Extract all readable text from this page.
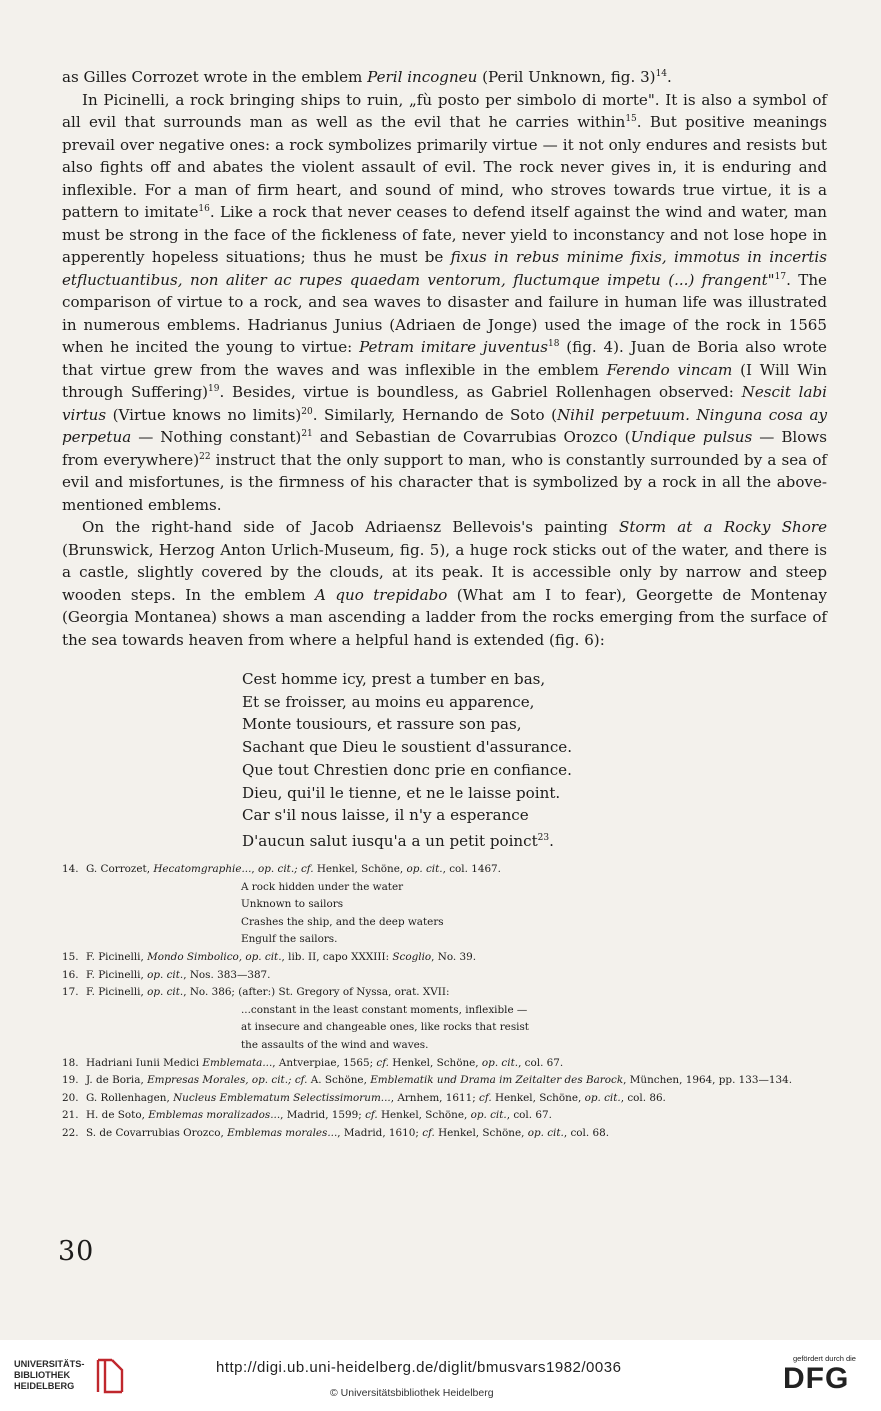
as Gilles Corrozet wrote in the emblem Peril incogneu (Peril Unknown, fig. 3)$^{14}$.

In Picinelli, a rock bringing ships to ruin, „fù posto per simbolo di morte". It is also a symbol of all evil that surrounds man as well as the evil that he carries within$^{15}$. But positive meanings prevail over negative ones: a rock symbolizes primarily virtue — it not only endures and resists but also fights off and abates the violent assault of evil. The rock never gives in, it is enduring and inflexible. For a man of firm heart, and sound of mind, who stroves towards true virtue, it is a pattern to imitate$^{16}$. Like a rock that never ceases to defend itself against the wind and water, man must be strong in the face of the fickleness of fate, never yield to inconstancy and not lose hope in apperently hopeless situations; thus he must be fixus in rebus minime fixis, immotus in incertis etfluctuantibus, non aliter ac rupes quaedam ventorum, fluctumque impetu (...) frangent"$^{17}$. The comparison of virtue to a rock, and sea waves to disaster and failure in human life was illustrated in numerous emblems. Hadrianus Junius (Adriaen de Jonge) used the image of the rock in 1565 when he incited the young to virtue: Petram imitare juventus$^{18}$ (fig. 4). Juan de Boria also wrote that virtue grew from the waves and was inflexible in the emblem Ferendo vincam (I Will Win through Suffering)$^{19}$. Besides, virtue is boundless, as Gabriel Rollenhagen observed: Nescit labi virtus (Virtue knows no limits)$^{20}$. Similarly, Hernando de Soto (Nihil perpetuum. Ninguna cosa ay perpetua — Nothing constant)$^{21}$ and Sebastian de Covarrubias Orozco (Undique pulsus — Blows from everywhere)$^{22}$ instruct that the only support to man, who is constantly surrounded by a sea of evil and misfortunes, is the firmness of his character that is symbolized by a rock in all the above-mentioned emblems.

On the right-hand side of Jacob Adriaensz Bellevois's painting Storm at a Rocky Shore (Brunswick, Herzog Anton Urlich-Museum, fig. 5), a huge rock sticks out of the water, and there is a castle, slightly covered by the clouds, at its peak. It is accessible only by narrow and steep wooden steps. In the emblem A quo trepidabo (What am I to fear), Georgette de Montenay (Georgia Montanea) shows a man ascending a ladder from the rocks emerging from the surface of the sea towards heaven from where a helpful hand is extended (fig. 6):

Cest homme icy, prest a tumber en bas,
Et se froisser, au moins eu apparence,
Monte tousiours, et rassure son pas,
Sachant que Dieu le soustient d'assurance.
Que tout Chrestien donc prie en confiance.
Dieu, qui'il le tienne, et ne le laisse point.
Car s'il nous laisse, il n'y a esperance
D'aucun salut iusqu'a a un petit poinct$^{23}$.
14. G. Corrozet, Hecatomgraphie..., op. cit.; cf. Henkel, Schöne, op. cit., col. 1467.
A rock hidden under the water
Unknown to sailors
Crashes the ship, and the deep waters
Engulf the sailors.
15. F. Picinelli, Mondo Simbolico, op. cit., lib. II, capo XXXIII: Scoglio, No. 39.
16. F. Picinelli, op. cit., Nos. 383—387.
17. F. Picinelli, op. cit., No. 386; (after:) St. Gregory of Nyssa, orat. XVII:
...constant in the least constant moments, inflexible —
at insecure and changeable ones, like rocks that resist
the assaults of the wind and waves.
18. Hadriani Iunii Medici Emblemata..., Antverpiae, 1565; cf. Henkel, Schöne, op. cit., col. 67.
19. J. de Boria, Empresas Morales, op. cit.; cf. A. Schöne, Emblematik und Drama im Zeitalter des Barock, München, 1964, pp. 133—134.
20. G. Rollenhagen, Nucleus Emblematum Selectissimorum..., Arnhem, 1611; cf. Henkel, Schöne, op. cit., col. 86.
21. H. de Soto, Emblemas moralizados..., Madrid, 1599; cf. Henkel, Schöne, op. cit., col. 67.
22. S. de Covarrubias Orozco, Emblemas morales..., Madrid, 1610; cf. Henkel, Schöne, op. cit., col. 68.
30
UNIVERSITÄTS-
BIBLIOTHEK
HEIDELBERG
http://digi.ub.uni-heidelberg.de/diglit/bmusvars1982/0036
© Universitätsbibliothek Heidelberg
gefördert durch die
DFG
